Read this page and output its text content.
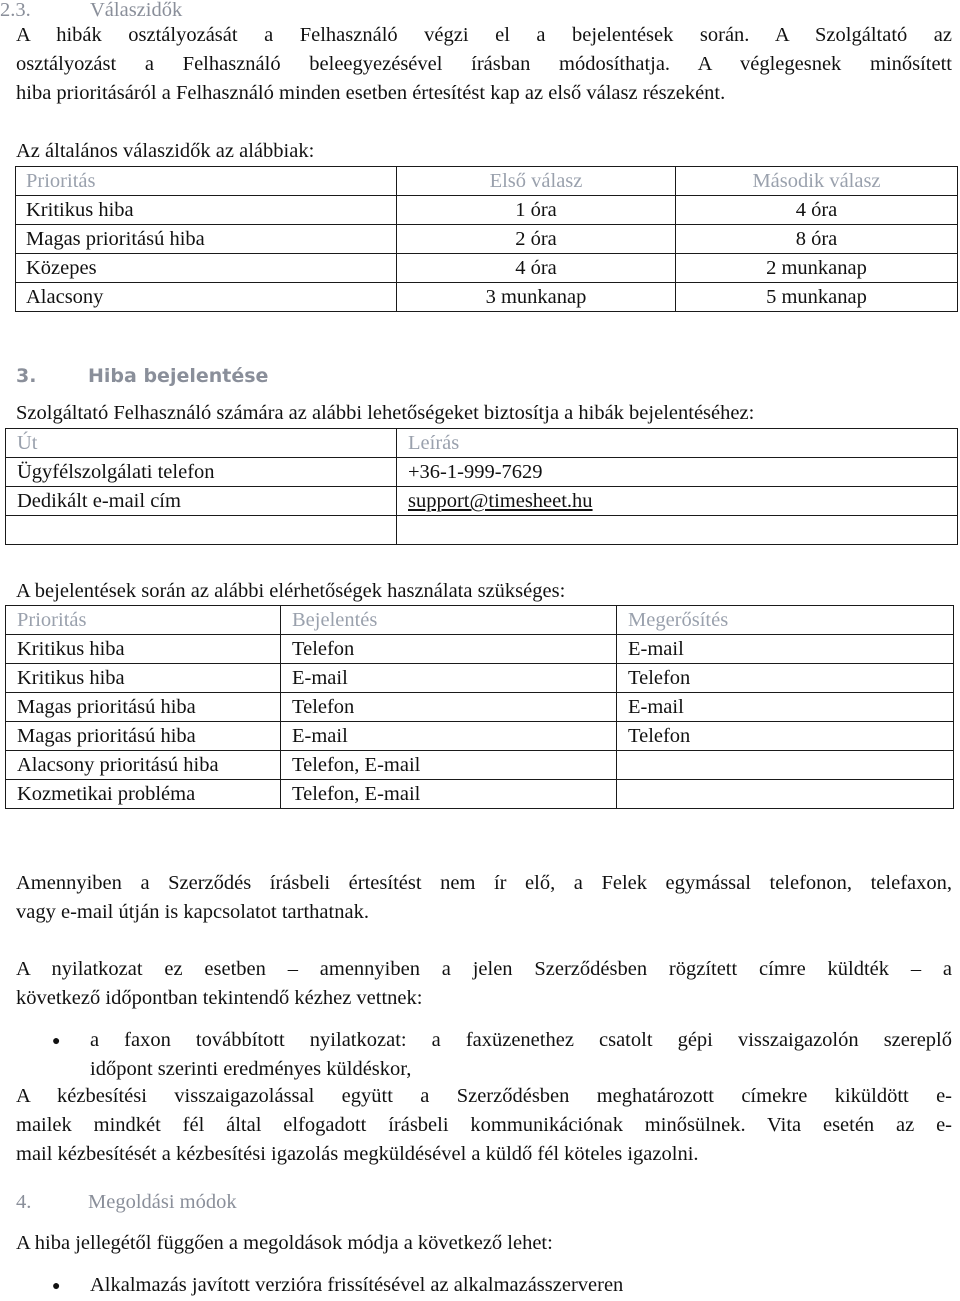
2.3.	Válaszidők
A hibák osztályozását a Felhasználó végzi el a bejelentések során. A Szolgáltató az
osztályozást a Felhasználó beleegyezésével írásban módosíthatja. A véglegesnek minősített
hiba prioritásáról a Felhasználó minden esetben értesítést kap az első válasz részeként.
Az általános válaszidők az alábbiak:
Prioritás	Első válasz	Második válasz
Kritikus hiba	1 óra	4 óra
Magas prioritású hiba	2 óra	8 óra
Közepes	4 óra	2 munkanap
Alacsony	3 munkanap	5 munkanap
3.	Hiba bejelentése
Szolgáltató Felhasználó számára az alábbi lehetőségeket biztosítja a hibák bejelentéséhez:
Út	Leírás
Ügyfélszolgálati telefon	+36-1-999-7629
Dedikált e-mail cím	support@timesheet.hu

A bejelentések során az alábbi elérhetőségek használata szükséges:
Prioritás	Bejelentés	Megerősítés
Kritikus hiba	Telefon	E-mail
Kritikus hiba	E-mail	Telefon
Magas prioritású hiba	Telefon	E-mail
Magas prioritású hiba	E-mail	Telefon
Alacsony prioritású hiba	Telefon, E-mail	
Kozmetikai probléma	Telefon, E-mail	
Amennyiben a Szerződés írásbeli értesítést nem ír elő, a Felek egymással telefonon, telefaxon,
vagy e-mail útján is kapcsolatot tarthatnak.
A nyilatkozat ez esetben – amennyiben a jelen Szerződésben rögzített címre küldték – a
következő időpontban tekintendő kézhez vettnek:
● a faxon továbbított nyilatkozat: a faxüzenethez csatolt gépi visszaigazolón szereplő
időpont szerinti eredményes küldéskor,
A kézbesítési visszaigazolással együtt a Szerződésben meghatározott címekre kiküldött e-
mailek mindkét fél által elfogadott írásbeli kommunikációnak minősülnek. Vita esetén az e-
mail kézbesítését a kézbesítési igazolás megküldésével a küldő fél köteles igazolni.
4.	Megoldási módok
A hiba jellegétől függően a megoldások módja a következő lehet:
● Alkalmazás javított verzióra frissítésével az alkalmazásszerveren
